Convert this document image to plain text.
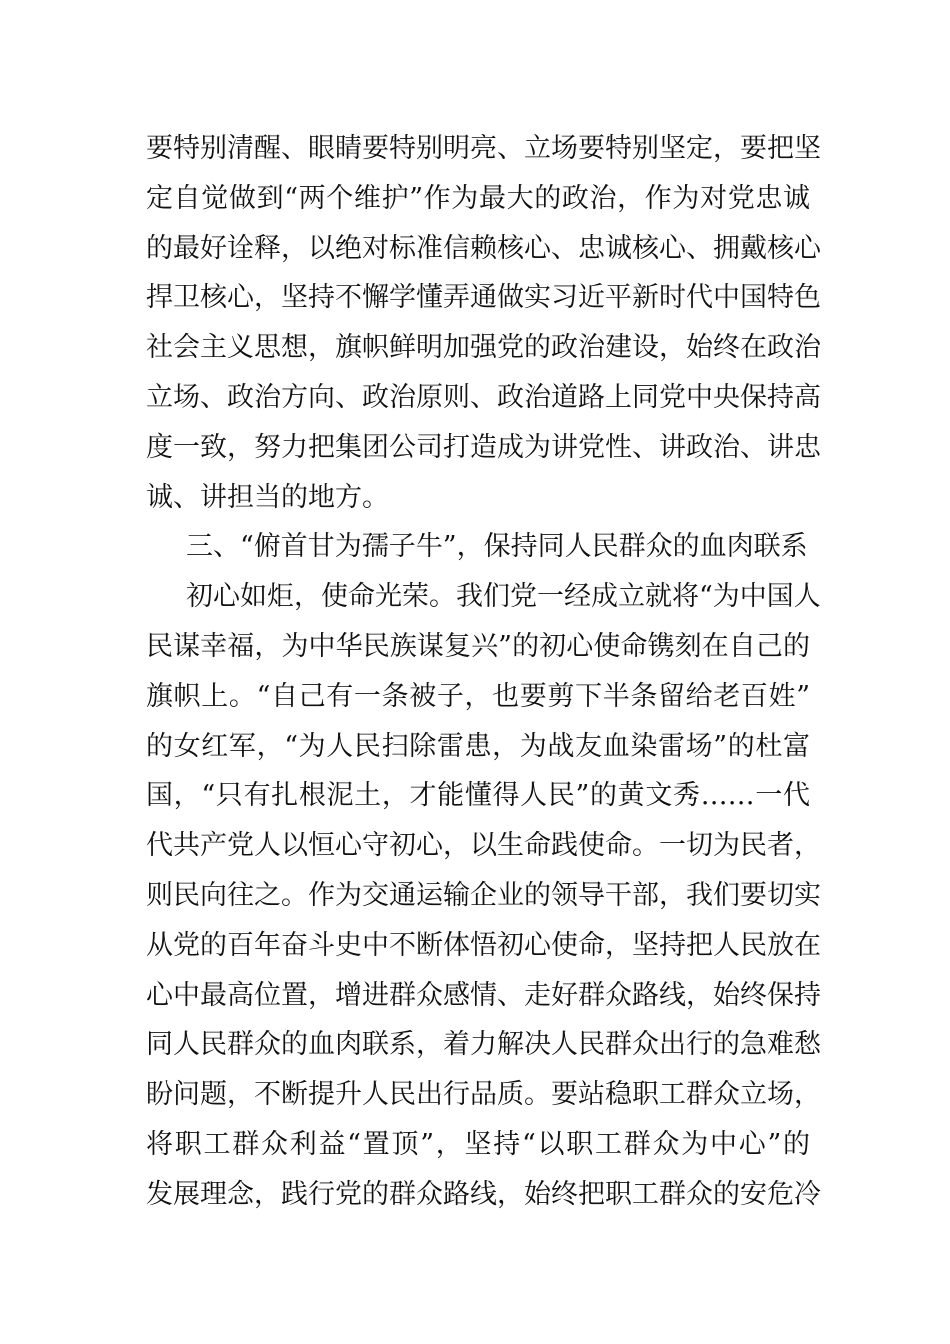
要特别清醒、眼睛要特别明亮、立场要特别坚定，要把坚
定自觉做到“两个维护”作为最大的政治，作为对党忠诚
的最好诠释，以绝对标准信赖核心、忠诚核心、拥戴核心
捍卫核心，坚持不懈学懂弄通做实习近平新时代中国特色
社会主义思想，旗帜鲜明加强党的政治建设，始终在政治
立场、政治方向、政治原则、政治道路上同党中央保持高
度一致，努力把集团公司打造成为讲党性、讲政治、讲忠
诚、讲担当的地方。
三、“俯首甘为孺子牛”，保持同人民群众的血肉联系
初心如炬，使命光荣。我们党一经成立就将“为中国人
民谋幸福，为中华民族谋复兴”的初心使命镌刻在自己的
旗帜上。“自己有一条被子，也要剪下半条留给老百姓”
的女红军，“为人民扫除雷患，为战友血染雷场”的杜富
国，“只有扎根泥土，才能懂得人民”的黄文秀……一代
代共产党人以恒心守初心，以生命践使命。一切为民者，
则民向往之。作为交通运输企业的领导干部，我们要切实
从党的百年奋斗史中不断体悟初心使命，坚持把人民放在
心中最高位置，增进群众感情、走好群众路线，始终保持
同人民群众的血肉联系，着力解决人民群众出行的急难愁
盼问题，不断提升人民出行品质。要站稳职工群众立场，
将职工群众利益“置顶”，坚持“以职工群众为中心”的
发展理念，践行党的群众路线，始终把职工群众的安危冷
